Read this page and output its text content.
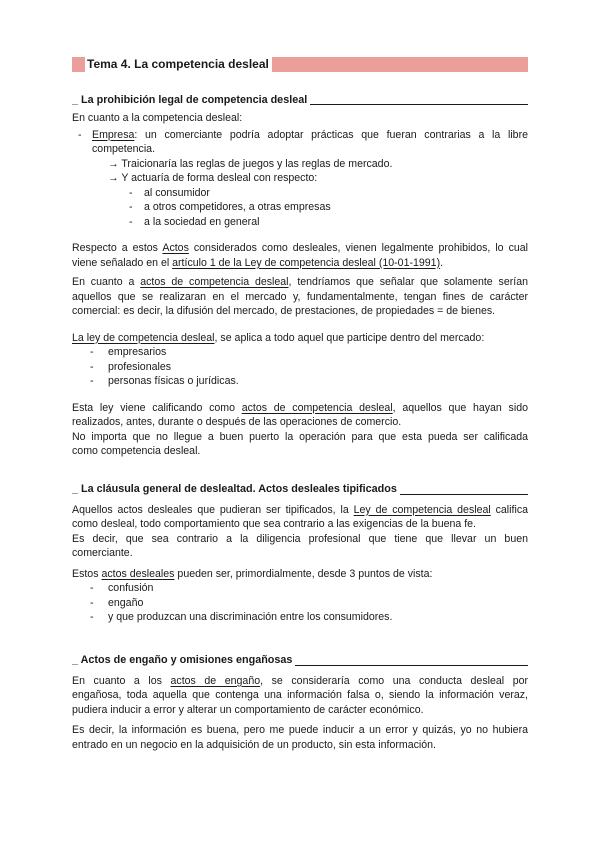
Tema 4. La competencia desleal
_ La prohibición legal de competencia desleal

En cuanto a la competencia desleal:

- Empresa: un comerciante podría adoptar prácticas que fueran contrarias a la libre
competencia.
→ Traicionaría las reglas de juegos y las reglas de mercado.
→ Y actuaría de forma desleal con respecto:
- al consumidor
- a otros competidores, a otras empresas
- a la sociedad en general
Respecto a estos Actos considerados como desleales, vienen legalmente prohibidos, lo cual
viene señalado en el artículo 1 de la Ley de competencia desleal (10-01-1991).
En cuanto a actos de competencia desleal, tendríamos que señalar que solamente serían
aquellos que se realizaran en el mercado y, fundamentalmente, tengan fines de carácter
comercial: es decir, la difusión del mercado, de prestaciones, de propiedades = de bienes.
La ley de competencia desleal, se aplica a todo aquel que participe dentro del mercado:
- empresarios
- profesionales
- personas físicas o jurídicas.
Esta ley viene calificando como actos de competencia desleal, aquellos que hayan sido
realizados, antes, durante o después de las operaciones de comercio.
No importa que no llegue a buen puerto la operación para que esta pueda ser calificada
como competencia desleal.
_ La cláusula general de deslealtad. Actos desleales tipificados
Aquellos actos desleales que pudieran ser tipificados, la Ley de competencia desleal califica
como desleal, todo comportamiento que sea contrario a las exigencias de la buena fe.
Es decir, que sea contrario a la diligencia profesional que tiene que llevar un buen
comerciante.
Estos actos desleales pueden ser, primordialmente, desde 3 puntos de vista:
- confusión
- engaño
- y que produzcan una discriminación entre los consumidores.
_ Actos de engaño y omisiones engañosas
En cuanto a los actos de engaño, se consideraría como una conducta desleal por
engañosa, toda aquella que contenga una información falsa o, siendo la información veraz,
pudiera inducir a error y alterar un comportamiento de carácter económico.
Es decir, la información es buena, pero me puede inducir a un error y quizás, yo no hubiera
entrado en un negocio en la adquisición de un producto, sin esta información.
